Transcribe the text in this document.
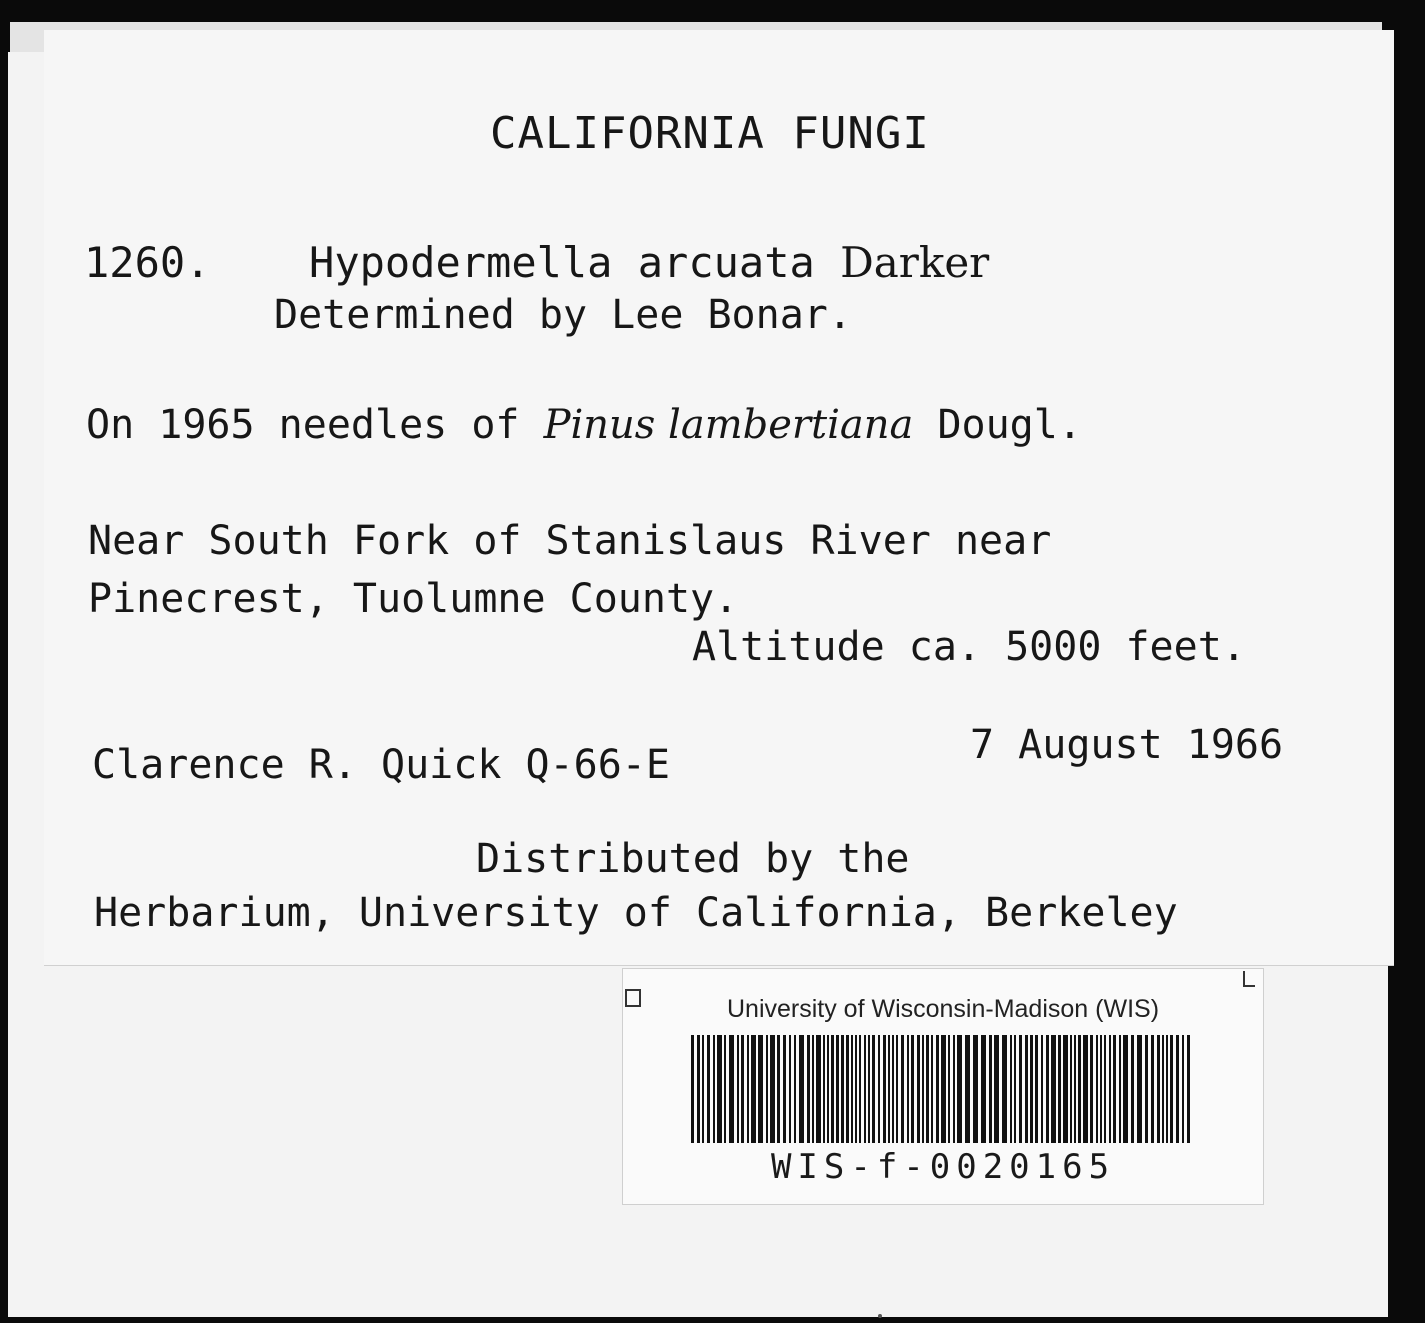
CALIFORNIA FUNGI
1260. Hypodermella arcuata Darker
Determined by Lee Bonar.
On 1965 needles of Pinus lambertiana Dougl.
Near South Fork of Stanislaus River near
Pinecrest, Tuolumne County.
Altitude ca. 5000 feet.
Clarence R. Quick Q-66-E	7 August 1966
Distributed by the
Herbarium, University of California, Berkeley
University of Wisconsin-Madison (WIS)
WIS-f-0020165
